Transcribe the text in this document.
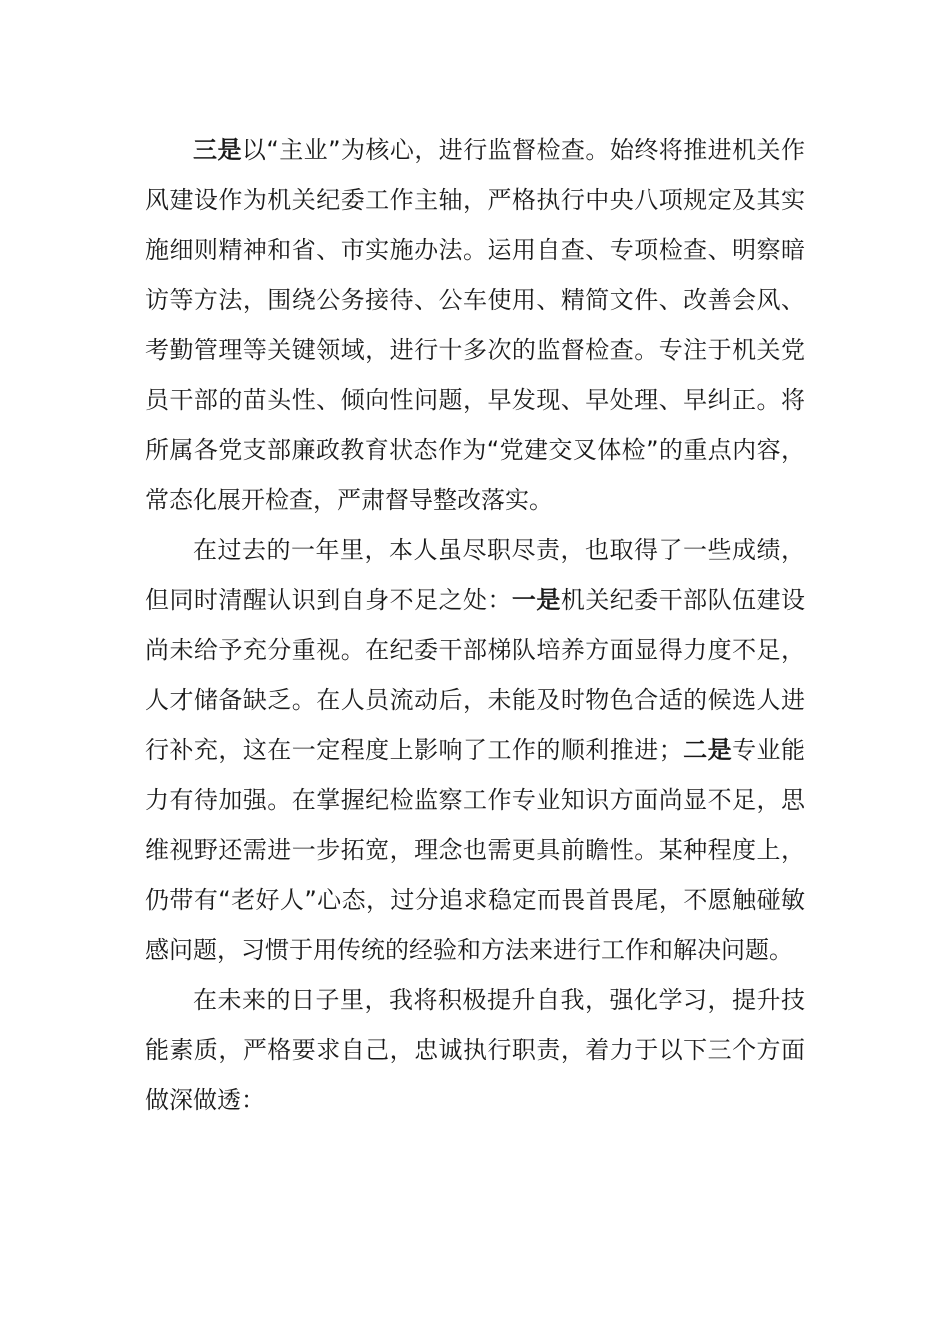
三是以“主业”为核心，进行监督检查。始终将推进机关作风建设作为机关纪委工作主轴，严格执行中央八项规定及其实施细则精神和省、市实施办法。运用自查、专项检查、明察暗访等方法，围绕公务接待、公车使用、精简文件、改善会风、考勤管理等关键领域，进行十多次的监督检查。专注于机关党员干部的苗头性、倾向性问题，早发现、早处理、早纠正。将所属各党支部廉政教育状态作为“党建交叉体检”的重点内容，常态化展开检查，严肃督导整改落实。

在过去的一年里，本人虽尽职尽责，也取得了一些成绩，但同时清醒认识到自身不足之处：一是机关纪委干部队伍建设尚未给予充分重视。在纪委干部梯队培养方面显得力度不足，人才储备缺乏。在人员流动后，未能及时物色合适的候选人进行补充，这在一定程度上影响了工作的顺利推进；二是专业能力有待加强。在掌握纪检监察工作专业知识方面尚显不足，思维视野还需进一步拓宽，理念也需更具前瞻性。某种程度上，仍带有“老好人”心态，过分追求稳定而畏首畏尾，不愿触碰敏感问题，习惯于用传统的经验和方法来进行工作和解决问题。

在未来的日子里，我将积极提升自我，强化学习，提升技能素质，严格要求自己，忠诚执行职责，着力于以下三个方面做深做透：
